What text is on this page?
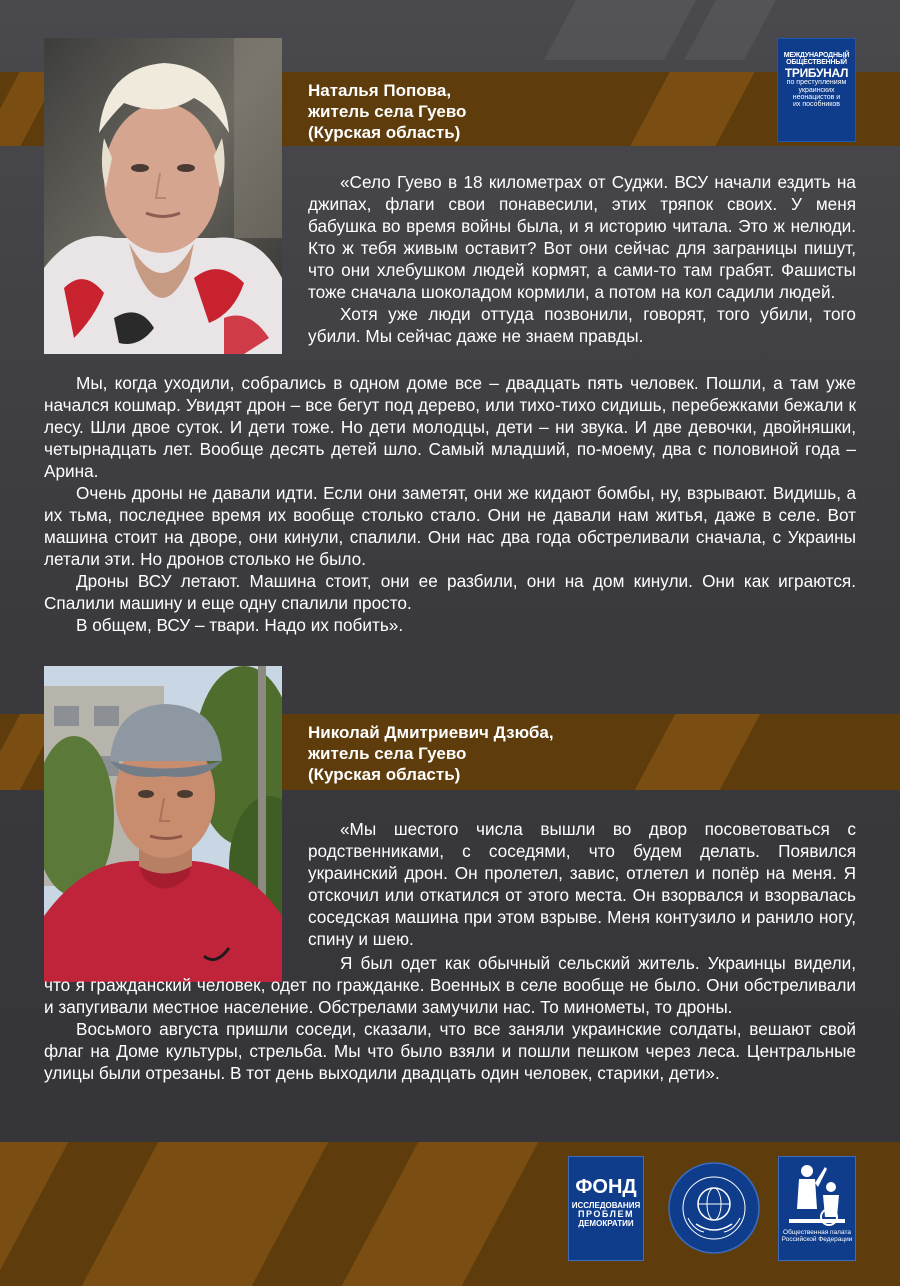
МЕЖДУНАРОДНЫЙ
ОБЩЕСТВЕННЫЙ
ТРИБУНАЛ
по преступлениям
украинских
неонацистов и
их пособников
Наталья Попова,
житель села Гуево
(Курская область)

«Село Гуево в 18 километрах от Суджи. ВСУ начали ездить на джипах, флаги свои понавесили, этих тряпок своих. У меня бабушка во время войны была, и я историю читала. Это ж нелюди. Кто ж тебя живым оставит? Вот они сейчас для заграницы пишут, что они хлебушком людей кормят, а сами-то там грабят. Фашисты тоже сначала шоколадом кормили, а потом на кол садили людей.

Хотя уже люди оттуда позвонили, говорят, того убили, того убили. Мы сейчас даже не знаем правды.

Мы, когда уходили, собрались в одном доме все – двадцать пять человек. Пошли, а там уже начался кошмар. Увидят дрон – все бегут под дерево, или тихо-тихо сидишь, перебежками бежали к лесу. Шли двое суток. И дети тоже. Но дети молодцы, дети – ни звука. И две девочки, двойняшки, четырнадцать лет. Вообще десять детей шло. Самый младший, по-моему, два с половиной года – Арина.

Очень дроны не давали идти. Если они заметят, они же кидают бомбы, ну, взрывают. Видишь, а их тьма, последнее время их вообще столько стало. Они не давали нам житья, даже в селе. Вот машина стоит на дворе, они кинули, спалили. Они нас два года обстреливали сначала, с Украины летали эти. Но дронов столько не было.

Дроны ВСУ летают. Машина стоит, они ее разбили, они на дом кинули. Они как играются. Спалили машину и еще одну спалили просто.

В общем, ВСУ – твари. Надо их побить».

Николай Дмитриевич Дзюба,
житель села Гуево
(Курская область)

«Мы шестого числа вышли во двор посоветоваться с родственниками, с соседями, что будем делать. Появился украинский дрон. Он пролетел, завис, отлетел и попёр на меня. Я отскочил или откатился от этого места. Он взорвался и взорвалась соседская машина при этом взрыве. Меня контузило и ранило ногу, спину и шею.

Я был одет как обычный сельский житель. Украинцы видели, что я гражданский человек, одет по гражданке. Военных в селе вообще не было. Они обстреливали и запугивали местное население. Обстрелами замучили нас. То минометы, то дроны.

Восьмого августа пришли соседи, сказали, что все заняли украинские солдаты, вешают свой флаг на Доме культуры, стрельба. Мы что было взяли и пошли пешком через леса. Центральные улицы были отрезаны. В тот день выходили двадцать один человек, старики, дети».

ФОНД
ИССЛЕДОВАНИЯ
ПРОБЛЕМ
ДЕМОКРАТИИ
Общественная палата
Российской Федерации
